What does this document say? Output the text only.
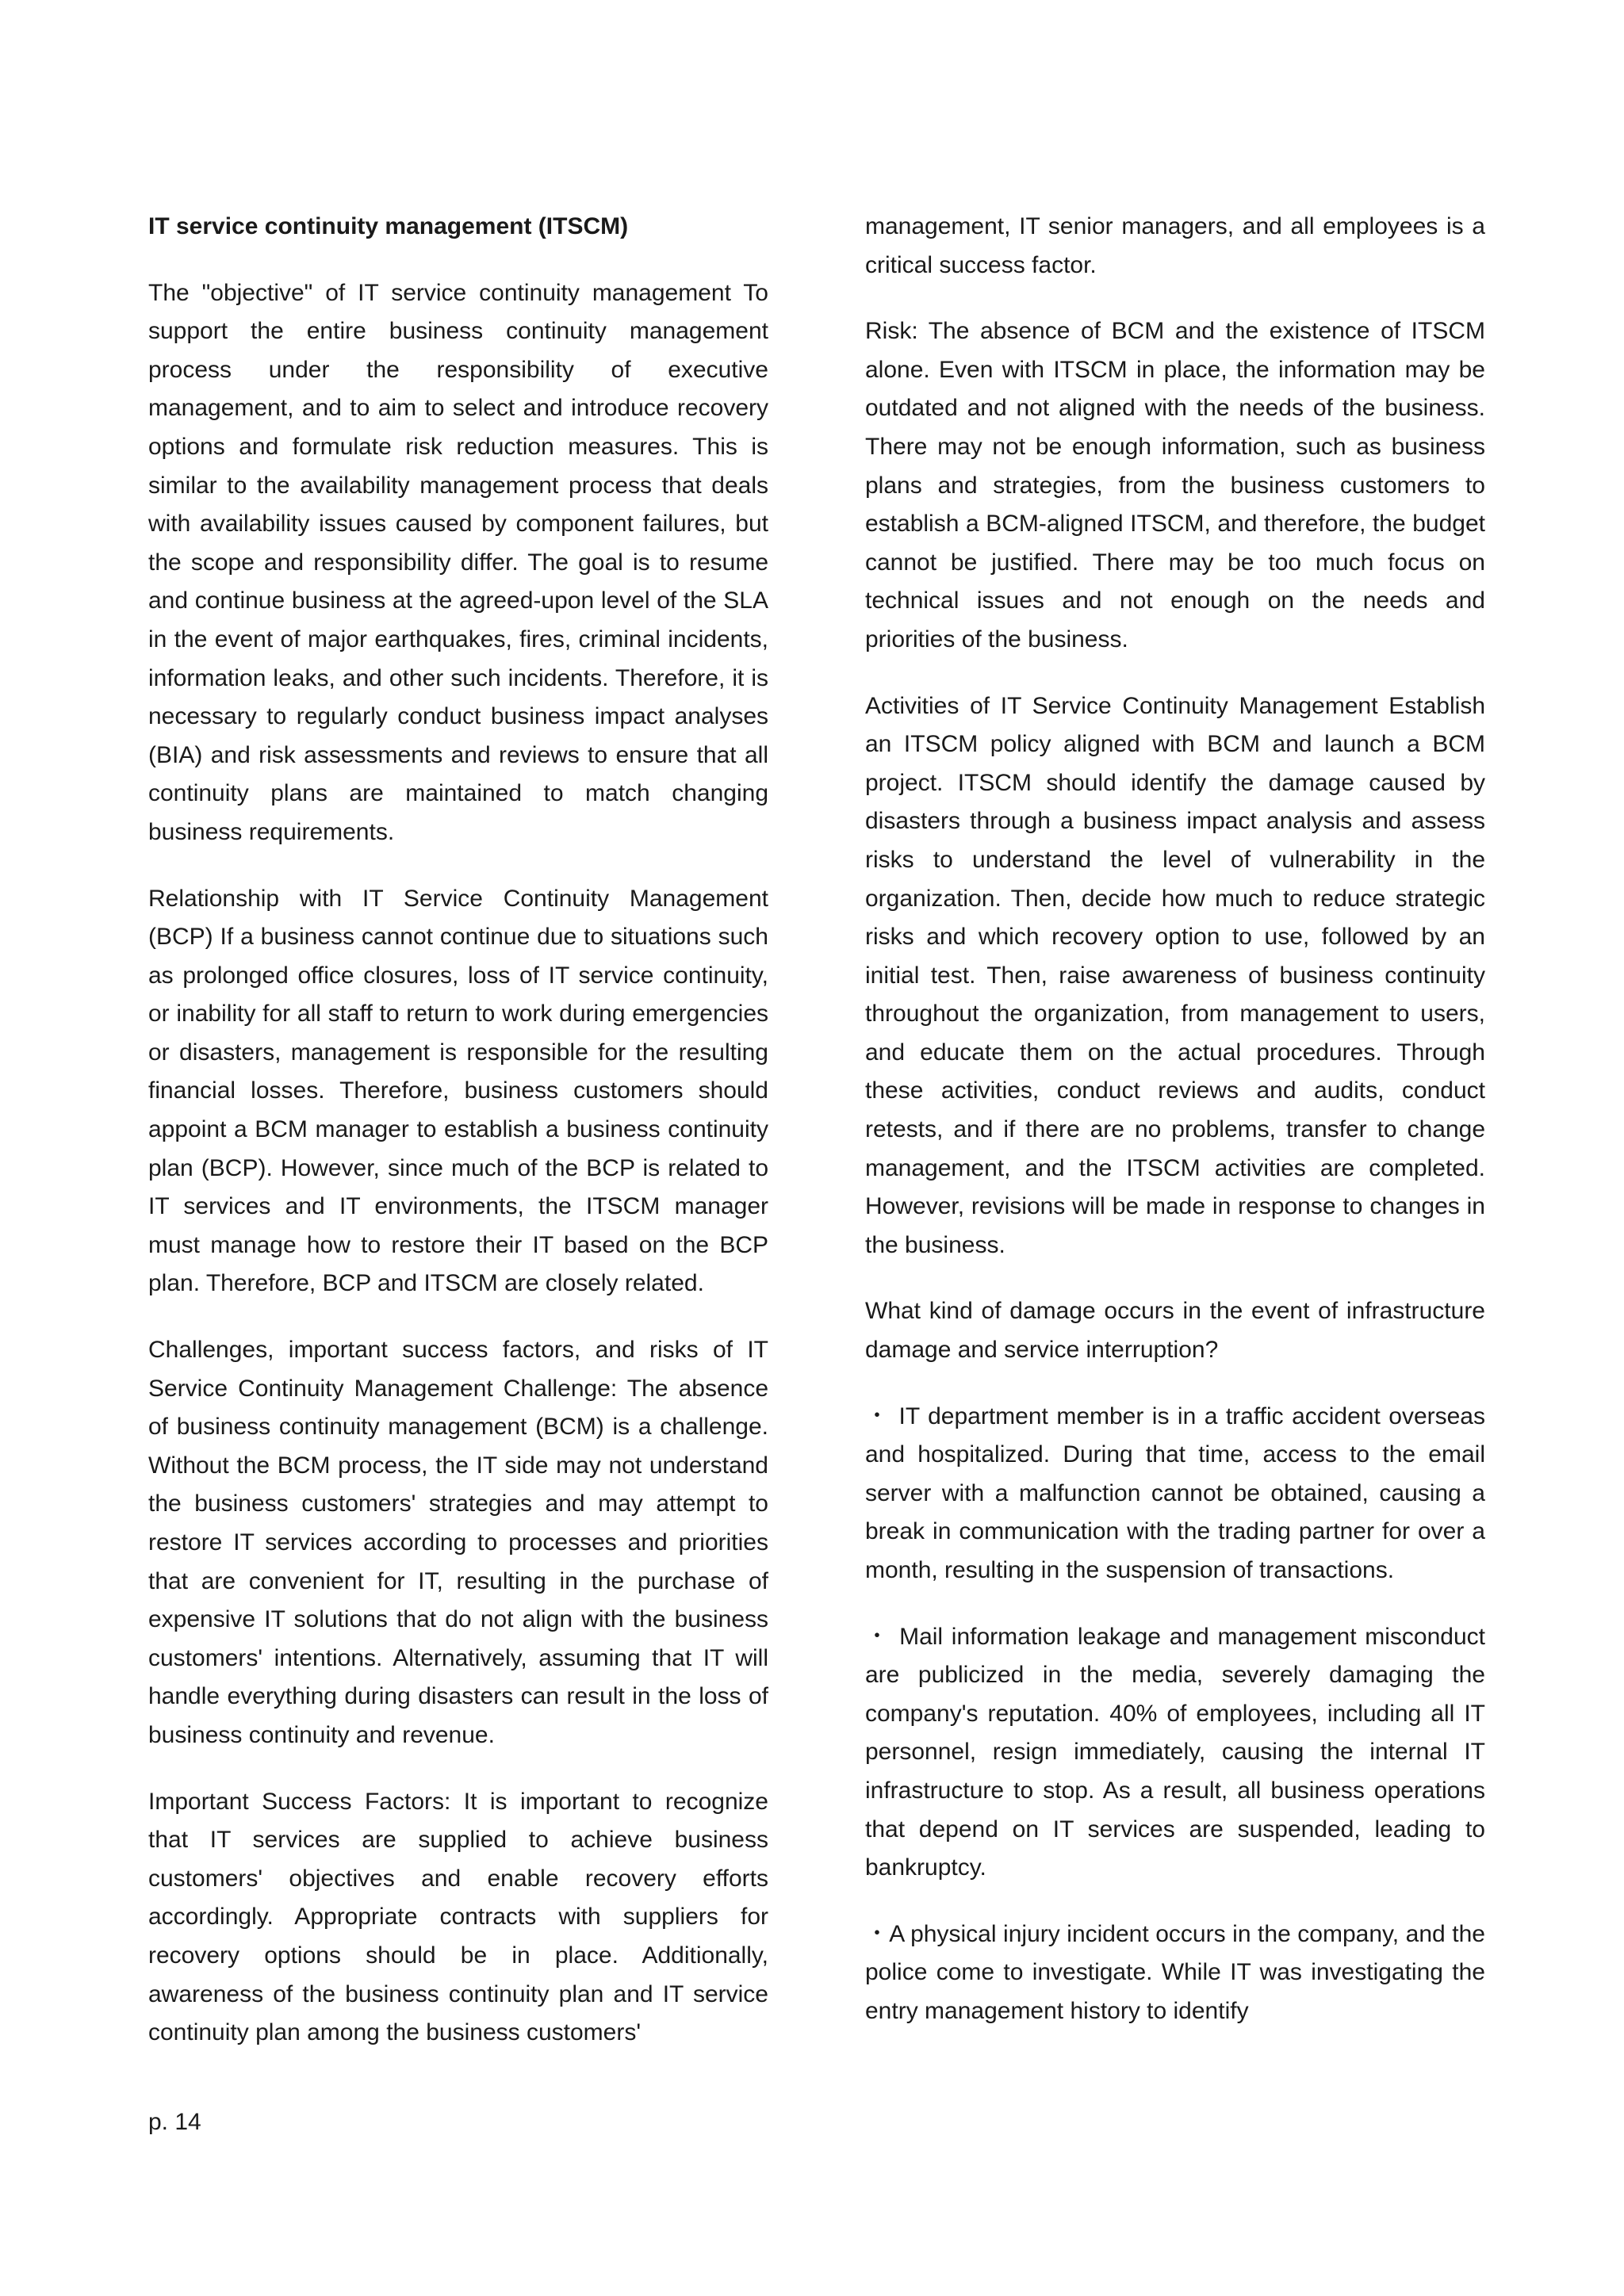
IT service continuity management (ITSCM)

The "objective" of IT service continuity management To support the entire business continuity management process under the responsibility of executive management, and to aim to select and introduce recovery options and formulate risk reduction measures. This is similar to the availability management process that deals with availability issues caused by component failures, but the scope and responsibility differ. The goal is to resume and continue business at the agreed-upon level of the SLA in the event of major earthquakes, fires, criminal incidents, information leaks, and other such incidents. Therefore, it is necessary to regularly conduct business impact analyses (BIA) and risk assessments and reviews to ensure that all continuity plans are maintained to match changing business requirements.

Relationship with IT Service Continuity Management (BCP) If a business cannot continue due to situations such as prolonged office closures, loss of IT service continuity, or inability for all staff to return to work during emergencies or disasters, management is responsible for the resulting financial losses. Therefore, business customers should appoint a BCM manager to establish a business continuity plan (BCP). However, since much of the BCP is related to IT services and IT environments, the ITSCM manager must manage how to restore their IT based on the BCP plan. Therefore, BCP and ITSCM are closely related.

Challenges, important success factors, and risks of IT Service Continuity Management Challenge: The absence of business continuity management (BCM) is a challenge. Without the BCM process, the IT side may not understand the business customers' strategies and may attempt to restore IT services according to processes and priorities that are convenient for IT, resulting in the purchase of expensive IT solutions that do not align with the business customers' intentions. Alternatively, assuming that IT will handle everything during disasters can result in the loss of business continuity and revenue.

Important Success Factors: It is important to recognize that IT services are supplied to achieve business customers' objectives and enable recovery efforts accordingly. Appropriate contracts with suppliers for recovery options should be in place. Additionally, awareness of the business continuity plan and IT service continuity plan among the business customers'

management, IT senior managers, and all employees is a critical success factor.

Risk: The absence of BCM and the existence of ITSCM alone. Even with ITSCM in place, the information may be outdated and not aligned with the needs of the business. There may not be enough information, such as business plans and strategies, from the business customers to establish a BCM-aligned ITSCM, and therefore, the budget cannot be justified. There may be too much focus on technical issues and not enough on the needs and priorities of the business.

Activities of IT Service Continuity Management Establish an ITSCM policy aligned with BCM and launch a BCM project. ITSCM should identify the damage caused by disasters through a business impact analysis and assess risks to understand the level of vulnerability in the organization. Then, decide how much to reduce strategic risks and which recovery option to use, followed by an initial test. Then, raise awareness of business continuity throughout the organization, from management to users, and educate them on the actual procedures. Through these activities, conduct reviews and audits, conduct retests, and if there are no problems, transfer to change management, and the ITSCM activities are completed. However, revisions will be made in response to changes in the business.

What kind of damage occurs in the event of infrastructure damage and service interruption?

・ IT department member is in a traffic accident overseas and hospitalized. During that time, access to the email server with a malfunction cannot be obtained, causing a break in communication with the trading partner for over a month, resulting in the suspension of transactions.

・ Mail information leakage and management misconduct are publicized in the media, severely damaging the company's reputation. 40% of employees, including all IT personnel, resign immediately, causing the internal IT infrastructure to stop. As a result, all business operations that depend on IT services are suspended, leading to bankruptcy.

・A physical injury incident occurs in the company, and the police come to investigate. While IT was investigating the entry management history to identify

p. 14
